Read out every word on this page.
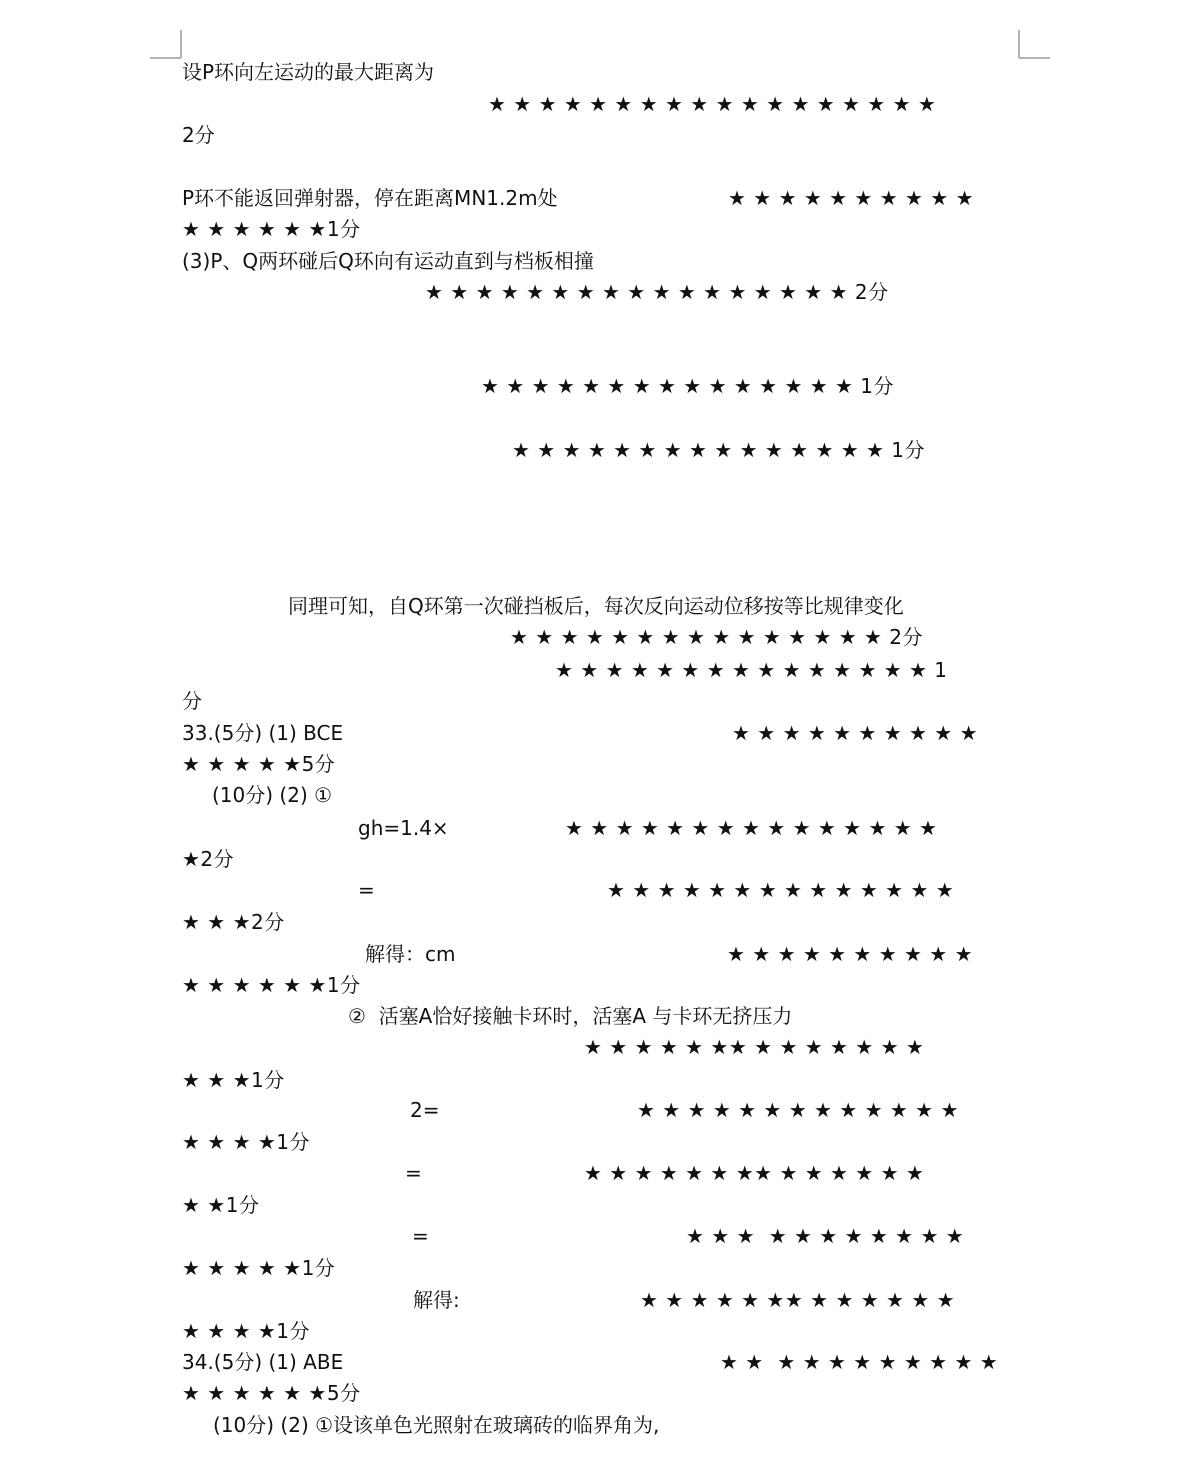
设P环向左运动的最大距离为
★ ★ ★ ★ ★ ★ ★ ★ ★ ★ ★ ★ ★ ★ ★ ★ ★ ★
2分
P环不能返回弹射器，停在距离MN1.2m处	★ ★ ★ ★ ★ ★ ★ ★ ★ ★
★ ★ ★ ★ ★ ★1分
(3)P、Q两环碰后Q环向有运动直到与档板相撞
★ ★ ★ ★ ★ ★ ★ ★ ★ ★ ★ ★ ★ ★ ★ ★ ★ 2分
★ ★ ★ ★ ★ ★ ★ ★ ★ ★ ★ ★ ★ ★ ★ 1分
★ ★ ★ ★ ★ ★ ★ ★ ★ ★ ★ ★ ★ ★ ★ 1分
同理可知，自Q环第一次碰挡板后，每次反向运动位移按等比规律变化
★ ★ ★ ★ ★ ★ ★ ★ ★ ★ ★ ★ ★ ★ ★ 2分
★ ★ ★ ★ ★ ★ ★ ★ ★ ★ ★ ★ ★ ★ ★ 1
分
33.(5分) (1) BCE	★ ★ ★ ★ ★ ★ ★ ★ ★ ★
★ ★ ★ ★ ★5分
(10分) (2) ①
gh=1.4×	★ ★ ★ ★ ★ ★ ★ ★ ★ ★ ★ ★ ★ ★ ★
★2分
=	★ ★ ★ ★ ★ ★ ★ ★ ★ ★ ★ ★ ★ ★
★ ★ ★2分
解得：cm	★ ★ ★ ★ ★ ★ ★ ★ ★ ★
★ ★ ★ ★ ★ ★1分
②  活塞A恰好接触卡环时，活塞A 与卡环无挤压力
★ ★ ★ ★ ★ ★★ ★ ★ ★ ★ ★ ★ ★
★ ★ ★1分
2=	★ ★ ★ ★ ★ ★ ★ ★ ★ ★ ★ ★ ★
★ ★ ★ ★1分
=	★ ★ ★ ★ ★ ★ ★★ ★ ★ ★ ★ ★ ★
★ ★1分
=	★ ★ ★  ★ ★ ★ ★ ★ ★ ★ ★
★ ★ ★ ★ ★1分
解得:	★ ★ ★ ★ ★ ★★ ★ ★ ★ ★ ★ ★
★ ★ ★ ★1分
34.(5分) (1) ABE	★ ★  ★ ★ ★ ★ ★ ★ ★ ★ ★
★ ★ ★ ★ ★ ★5分
(10分) (2) ①设该单色光照射在玻璃砖的临界角为,
